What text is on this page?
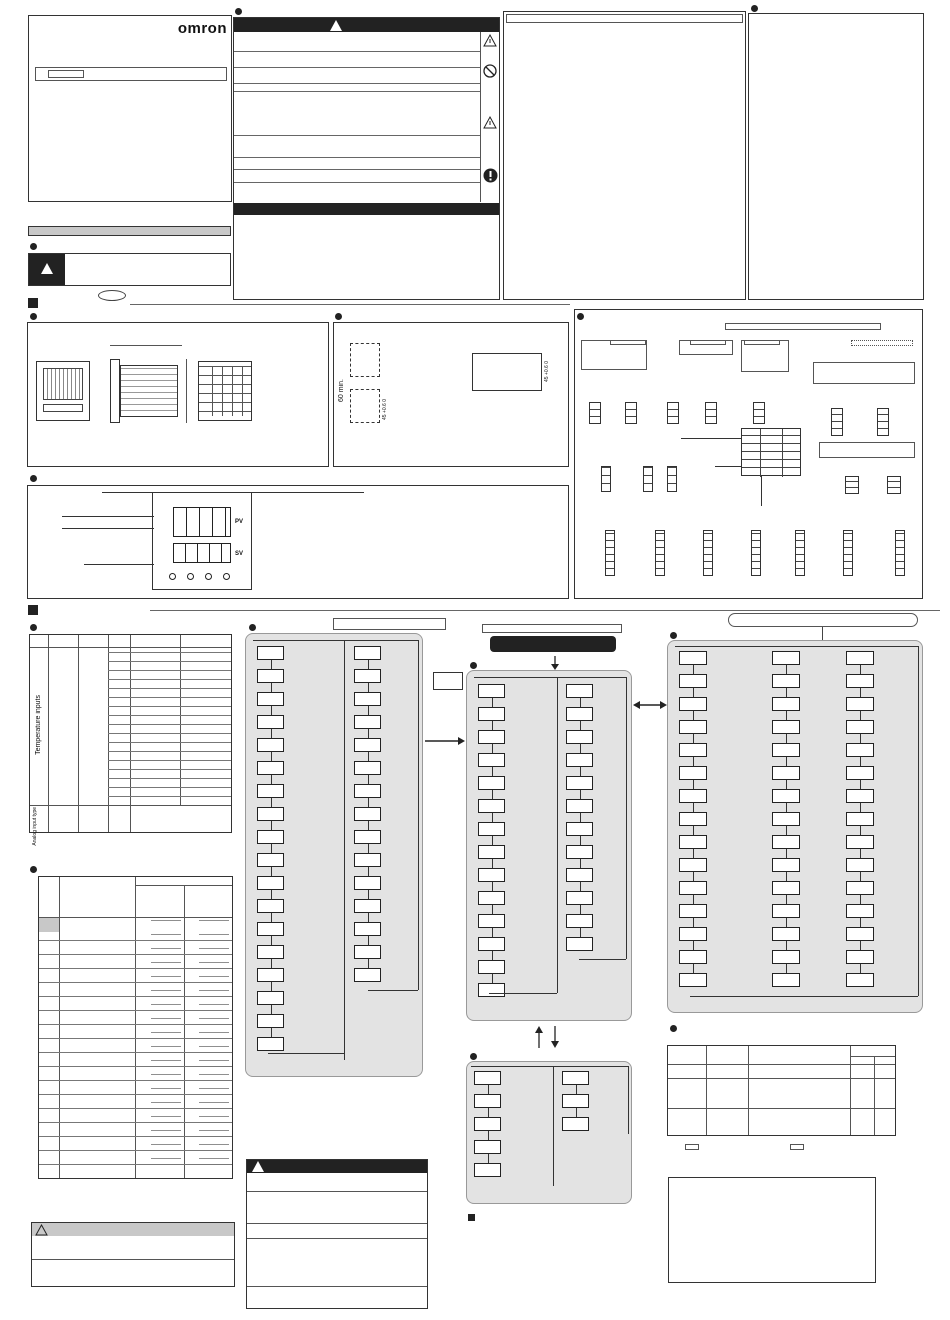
omron
60 min.
45 +0.6 0
45 +0.6 0
PV
SV
Temperature inputs
Analog input type
